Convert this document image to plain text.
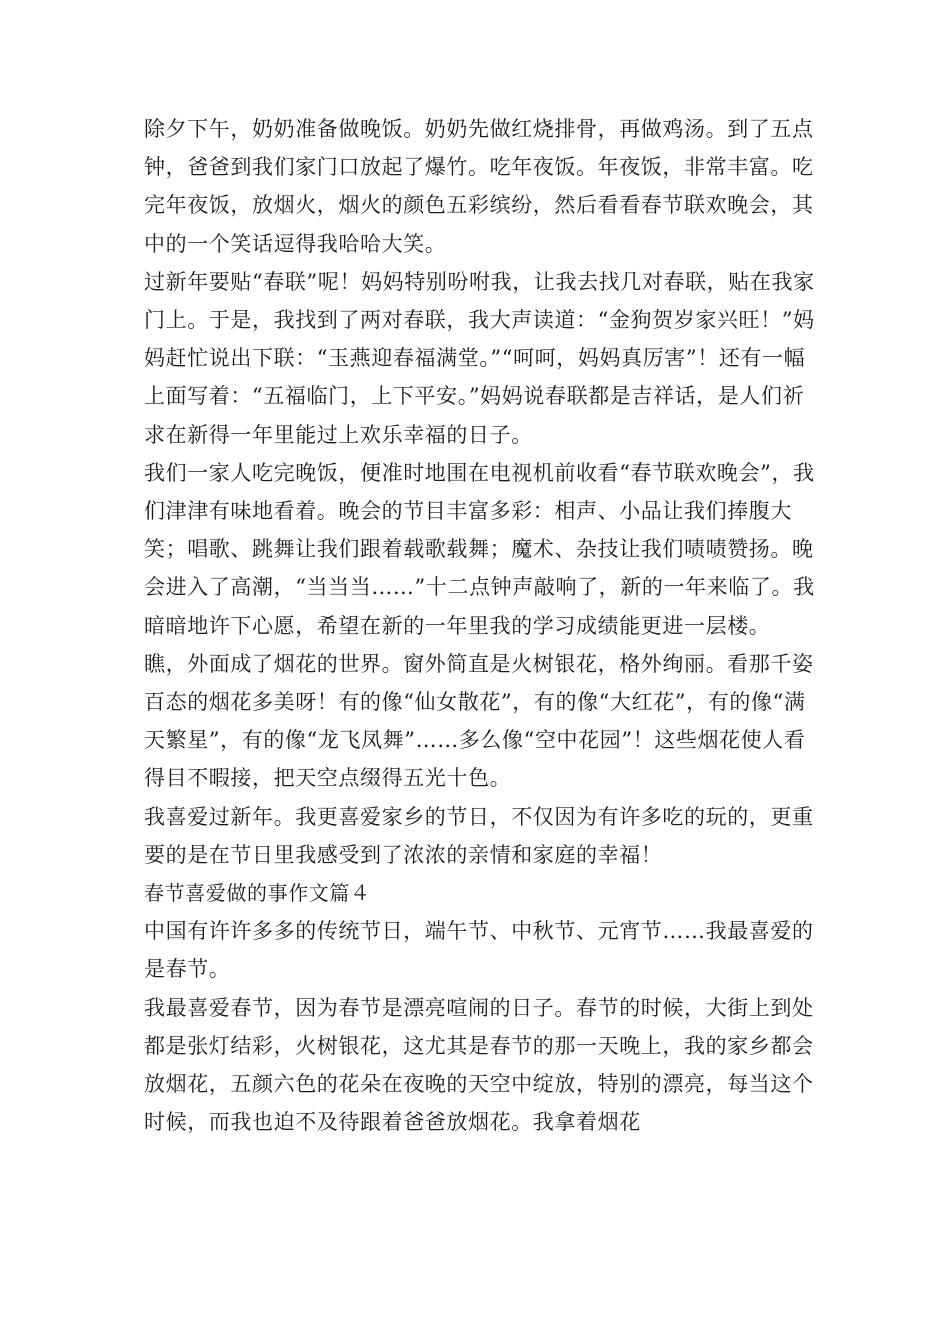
除夕下午，奶奶准备做晚饭。奶奶先做红烧排骨，再做鸡汤。到了五点钟，爸爸到我们家门口放起了爆竹。吃年夜饭。年夜饭，非常丰富。吃完年夜饭，放烟火，烟火的颜色五彩缤纷，然后看看春节联欢晚会，其中的一个笑话逗得我哈哈大笑。

过新年要贴“春联”呢！妈妈特别吩咐我，让我去找几对春联，贴在我家门上。于是，我找到了两对春联，我大声读道：“金狗贺岁家兴旺！”妈妈赶忙说出下联：“玉燕迎春福满堂。”“呵呵，妈妈真厉害”！还有一幅上面写着：“五福临门，上下平安。”妈妈说春联都是吉祥话，是人们祈求在新得一年里能过上欢乐幸福的日子。

我们一家人吃完晚饭，便准时地围在电视机前收看“春节联欢晚会”，我们津津有味地看着。晚会的节目丰富多彩：相声、小品让我们捧腹大笑；唱歌、跳舞让我们跟着载歌载舞；魔术、杂技让我们啧啧赞扬。晚会进入了高潮，“当当当……”十二点钟声敲响了，新的一年来临了。我暗暗地许下心愿，希望在新的一年里我的学习成绩能更进一层楼。

瞧，外面成了烟花的世界。窗外简直是火树银花，格外绚丽。看那千姿百态的烟花多美呀！有的像“仙女散花”，有的像“大红花”，有的像“满天繁星”，有的像“龙飞凤舞”……多么像“空中花园”！这些烟花使人看得目不暇接，把天空点缀得五光十色。

我喜爱过新年。我更喜爱家乡的节日，不仅因为有许多吃的玩的，更重要的是在节日里我感受到了浓浓的亲情和家庭的幸福！

春节喜爱做的事作文篇４

中国有许许多多的传统节日，端午节、中秋节、元宵节……我最喜爱的是春节。

我最喜爱春节，因为春节是漂亮喧闹的日子。春节的时候，大街上到处都是张灯结彩，火树银花，这尤其是春节的那一天晚上，我的家乡都会放烟花，五颜六色的花朵在夜晚的天空中绽放，特别的漂亮，每当这个时候，而我也迫不及待跟着爸爸放烟花。我拿着烟花
